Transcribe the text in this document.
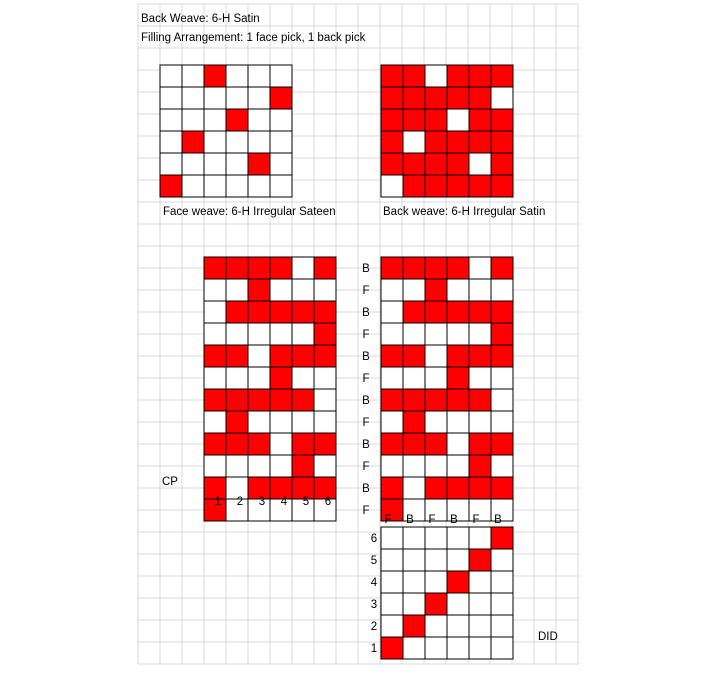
Back Weave: 6-H Satin
Filling Arrangement: 1 face pick, 1 back pick
Face weave: 6-H Irregular Sateen	Back weave: 6-H Irregular Satin
CP
DID
B
F
B
F
B
F
B
F
B
F
B
F
1 2 3 4 5 6
F B F B F B
6
5
4
3
2
1
